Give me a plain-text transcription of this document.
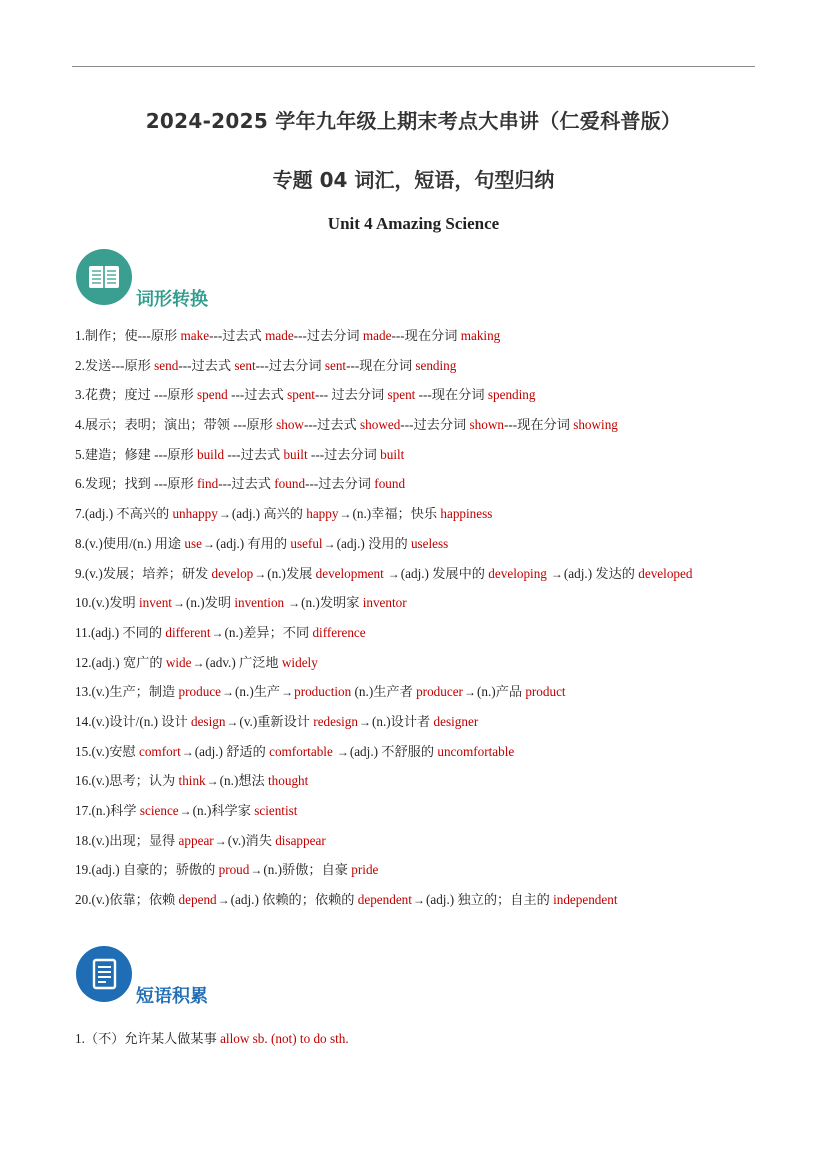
2024-2025 学年九年级上期末考点大串讲（仁爱科普版）
专题 04 词汇，短语，句型归纳
Unit 4 Amazing Science
词形转换
1.制作；使---原形 make---过去式 made---过去分词 made---现在分词 making
2.发送---原形 send---过去式 sent---过去分词 sent---现在分词 sending
3.花费；度过 ---原形 spend ---过去式 spent--- 过去分词 spent ---现在分词 spending
4.展示；表明；演出；带领 ---原形 show---过去式 showed---过去分词 shown---现在分词 showing
5.建造；修建 ---原形 build ---过去式 built ---过去分词 built
6.发现；找到 ---原形 find---过去式 found---过去分词 found
7.(adj.) 不高兴的 unhappy→(adj.) 高兴的 happy→(n.)幸福；快乐 happiness
8.(v.)使用/(n.) 用途 use→(adj.) 有用的 useful→(adj.) 没用的 useless
9.(v.)发展；培养；研发 develop→(n.)发展 development →(adj.) 发展中的 developing →(adj.) 发达的 developed
10.(v.)发明 invent→(n.)发明 invention →(n.)发明家 inventor
11.(adj.) 不同的 different→(n.)差异；不同 difference
12.(adj.) 宽广的 wide→(adv.) 广泛地 widely
13.(v.)生产；制造 produce→(n.)生产→production (n.)生产者 producer→(n.)产品 product
14.(v.)设计/(n.) 设计 design→(v.)重新设计 redesign→(n.)设计者 designer
15.(v.)安慰 comfort→(adj.) 舒适的 comfortable →(adj.) 不舒服的 uncomfortable
16.(v.)思考；认为 think→(n.)想法 thought
17.(n.)科学 science→(n.)科学家 scientist
18.(v.)出现；显得 appear→(v.)消失 disappear
19.(adj.) 自豪的；骄傲的 proud→(n.)骄傲；自豪 pride
20.(v.)依靠；依赖 depend→(adj.) 依赖的；依赖的 dependent→(adj.) 独立的；自主的 independent
短语积累
1.（不）允许某人做某事 allow sb. (not) to do sth.
